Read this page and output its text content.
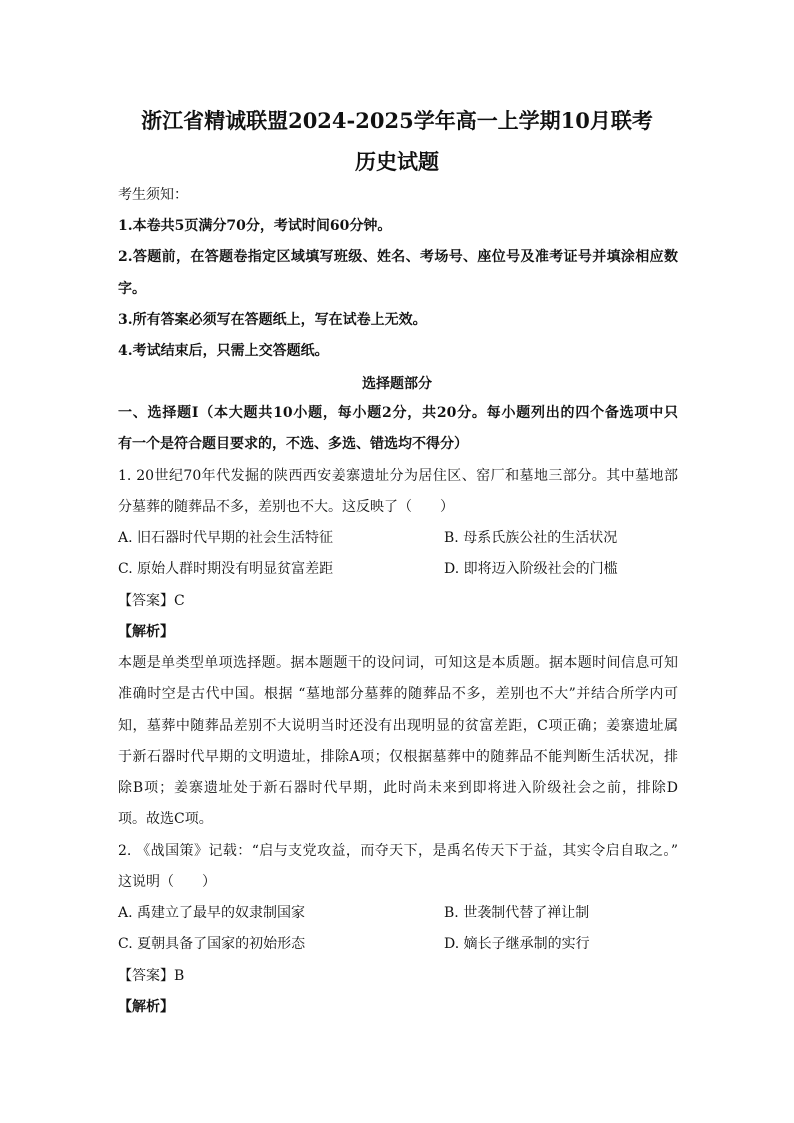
浙江省精诚联盟2024-2025学年高一上学期10月联考
历史试题
考生须知：
1.本卷共5页满分70分，考试时间60分钟。
2.答题前，在答题卷指定区域填写班级、姓名、考场号、座位号及准考证号并填涂相应数
字。
3.所有答案必须写在答题纸上，写在试卷上无效。
4.考试结束后，只需上交答题纸。
选择题部分
一、选择题Ⅰ（本大题共10小题，每小题2分，共20分。每小题列出的四个备选项中只
有一个是符合题目要求的，不选、多选、错选均不得分）
1. 20世纪70年代发掘的陕西西安姜寨遗址分为居住区、窑厂和墓地三部分。其中墓地部
分墓葬的随葬品不多，差别也不大。这反映了（　　）
A. 旧石器时代早期的社会生活特征	B. 母系氏族公社的生活状况
C. 原始人群时期没有明显贫富差距	D. 即将迈入阶级社会的门槛
【答案】C
【解析】
本题是单类型单项选择题。据本题题干的设问词，可知这是本质题。据本题时间信息可知
准确时空是古代中国。根据 “墓地部分墓葬的随葬品不多，差别也不大”并结合所学内可
知，墓葬中随葬品差别不大说明当时还没有出现明显的贫富差距，C项正确；姜寨遗址属
于新石器时代早期的文明遗址，排除A项；仅根据墓葬中的随葬品不能判断生活状况，排
除B项；姜寨遗址处于新石器时代早期，此时尚未来到即将进入阶级社会之前，排除D
项。故选C项。
2. 《战国策》记载：“启与支党攻益，而夺天下，是禹名传天下于益，其实令启自取之。”
这说明（　　）
A. 禹建立了最早的奴隶制国家	B. 世袭制代替了禅让制
C. 夏朝具备了国家的初始形态	D. 嫡长子继承制的实行
【答案】B
【解析】
